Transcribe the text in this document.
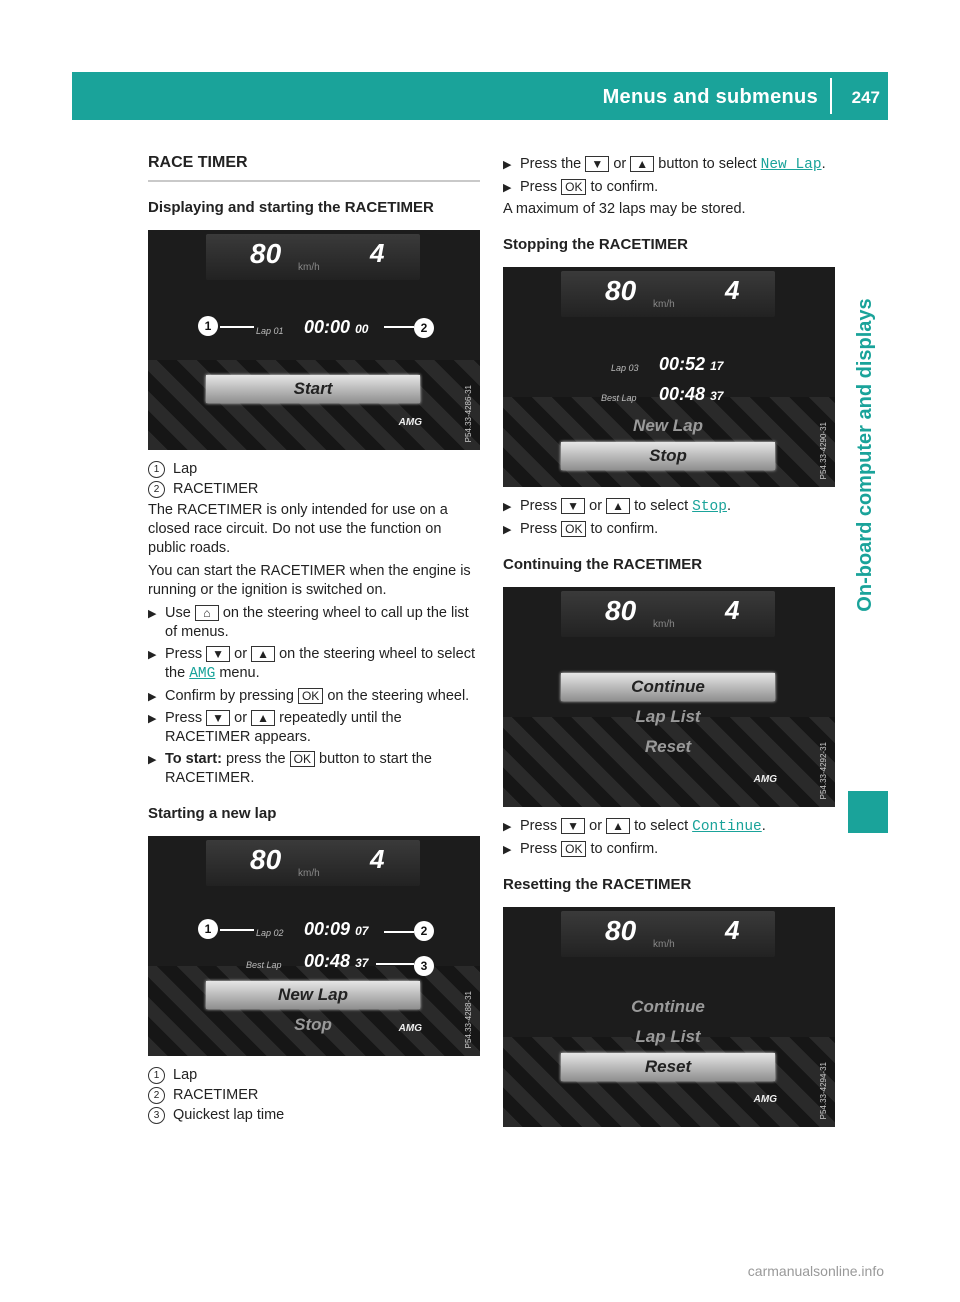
Menus and submenus 247
On-board computer and displays
RACE TIMER
Displaying and starting the RACETIMER
80 km/h 4
Lap 01 00:00 00
1	2
Start
AMG	P54.33-4286-31
1 Lap
2 RACETIMER

The RACETIMER is only intended for use on a closed race circuit. Do not use the function on public roads.

You can start the RACETIMER when the engine is running or the ignition is switched on.

▶ Use ⌂ on the steering wheel to call up the list of menus.
▶ Press ▼ or ▲ on the steering wheel to select the AMG menu.
▶ Confirm by pressing OK on the steering wheel.
▶ Press ▼ or ▲ repeatedly until the RACETIMER appears.
▶ To start: press the OK button to start the RACETIMER.
Starting a new lap
80 km/h 4
Lap 02 00:09 07
Best Lap 00:48 37
1	2
3
New Lap
Stop	AMG	P54.33-4288-31
1 Lap
2 RACETIMER
3 Quickest lap time
▶ Press the ▼ or ▲ button to select New Lap.
▶ Press OK to confirm.

A maximum of 32 laps may be stored.

Stopping the RACETIMER
80 km/h 4
Lap 03 00:52 17
Best Lap 00:48 37
New Lap
Stop	P54.33-4290-31
▶ Press ▼ or ▲ to select Stop.
▶ Press OK to confirm.
Continuing the RACETIMER
80 km/h 4
Continue
Lap List
Reset
AMG	P54.33-4292-31
▶ Press ▼ or ▲ to select Continue.
▶ Press OK to confirm.
Resetting the RACETIMER
80 km/h 4
Continue
Lap List
Reset
AMG	P54.33-4294-31
carmanualsonline.info
